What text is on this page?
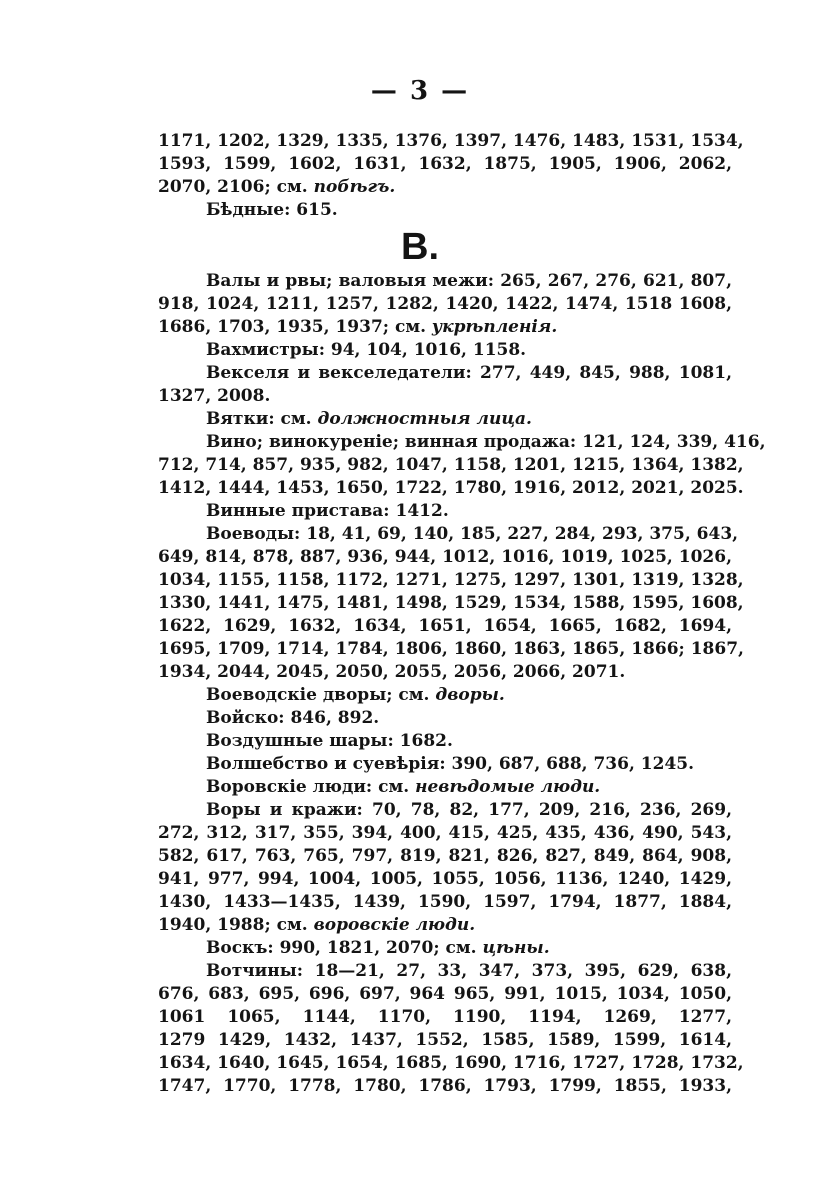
— 3 —
В.
1171, 1202, 1329, 1335, 1376, 1397, 1476, 1483, 1531, 1534,
1593, 1599, 1602, 1631, 1632, 1875, 1905, 1906, 2062,
2070, 2106; см. побѣгъ.
Бѣдные: 615.
Валы и рвы; валовыя межи: 265, 267, 276, 621, 807,
918, 1024, 1211, 1257, 1282, 1420, 1422, 1474, 1518 1608,
1686, 1703, 1935, 1937; см. укрѣпленія.
Вахмистры: 94, 104, 1016, 1158.
Векселя и векселедатели: 277, 449, 845, 988, 1081,
1327, 2008.
Вятки: см. должностныя лица.
Вино; винокуреніе; винная продажа: 121, 124, 339, 416,
712, 714, 857, 935, 982, 1047, 1158, 1201, 1215, 1364, 1382,
1412, 1444, 1453, 1650, 1722, 1780, 1916, 2012, 2021, 2025.
Винные пристава: 1412.
Воеводы: 18, 41, 69, 140, 185, 227, 284, 293, 375, 643,
649, 814, 878, 887, 936, 944, 1012, 1016, 1019, 1025, 1026,
1034, 1155, 1158, 1172, 1271, 1275, 1297, 1301, 1319, 1328,
1330, 1441, 1475, 1481, 1498, 1529, 1534, 1588, 1595, 1608,
1622, 1629, 1632, 1634, 1651, 1654, 1665, 1682, 1694,
1695, 1709, 1714, 1784, 1806, 1860, 1863, 1865, 1866; 1867,
1934, 2044, 2045, 2050, 2055, 2056, 2066, 2071.
Воеводскіе дворы; см. дворы.
Войско: 846, 892.
Воздушные шары: 1682.
Волшебство и суевѣрія: 390, 687, 688, 736, 1245.
Воровскіе люди: см. невѣдомые люди.
Воры и кражи: 70, 78, 82, 177, 209, 216, 236, 269,
272, 312, 317, 355, 394, 400, 415, 425, 435, 436, 490, 543,
582, 617, 763, 765, 797, 819, 821, 826, 827, 849, 864, 908,
941, 977, 994, 1004, 1005, 1055, 1056, 1136, 1240, 1429,
1430, 1433—1435, 1439, 1590, 1597, 1794, 1877, 1884,
1940, 1988; см. воровскіе люди.
Воскъ: 990, 1821, 2070; см. цѣны.
Вотчины: 18—21, 27, 33, 347, 373, 395, 629, 638,
676, 683, 695, 696, 697, 964 965, 991, 1015, 1034, 1050,
1061 1065, 1144, 1170, 1190, 1194, 1269, 1277,
1279 1429, 1432, 1437, 1552, 1585, 1589, 1599, 1614,
1634, 1640, 1645, 1654, 1685, 1690, 1716, 1727, 1728, 1732,
1747, 1770, 1778, 1780, 1786, 1793, 1799, 1855, 1933,
